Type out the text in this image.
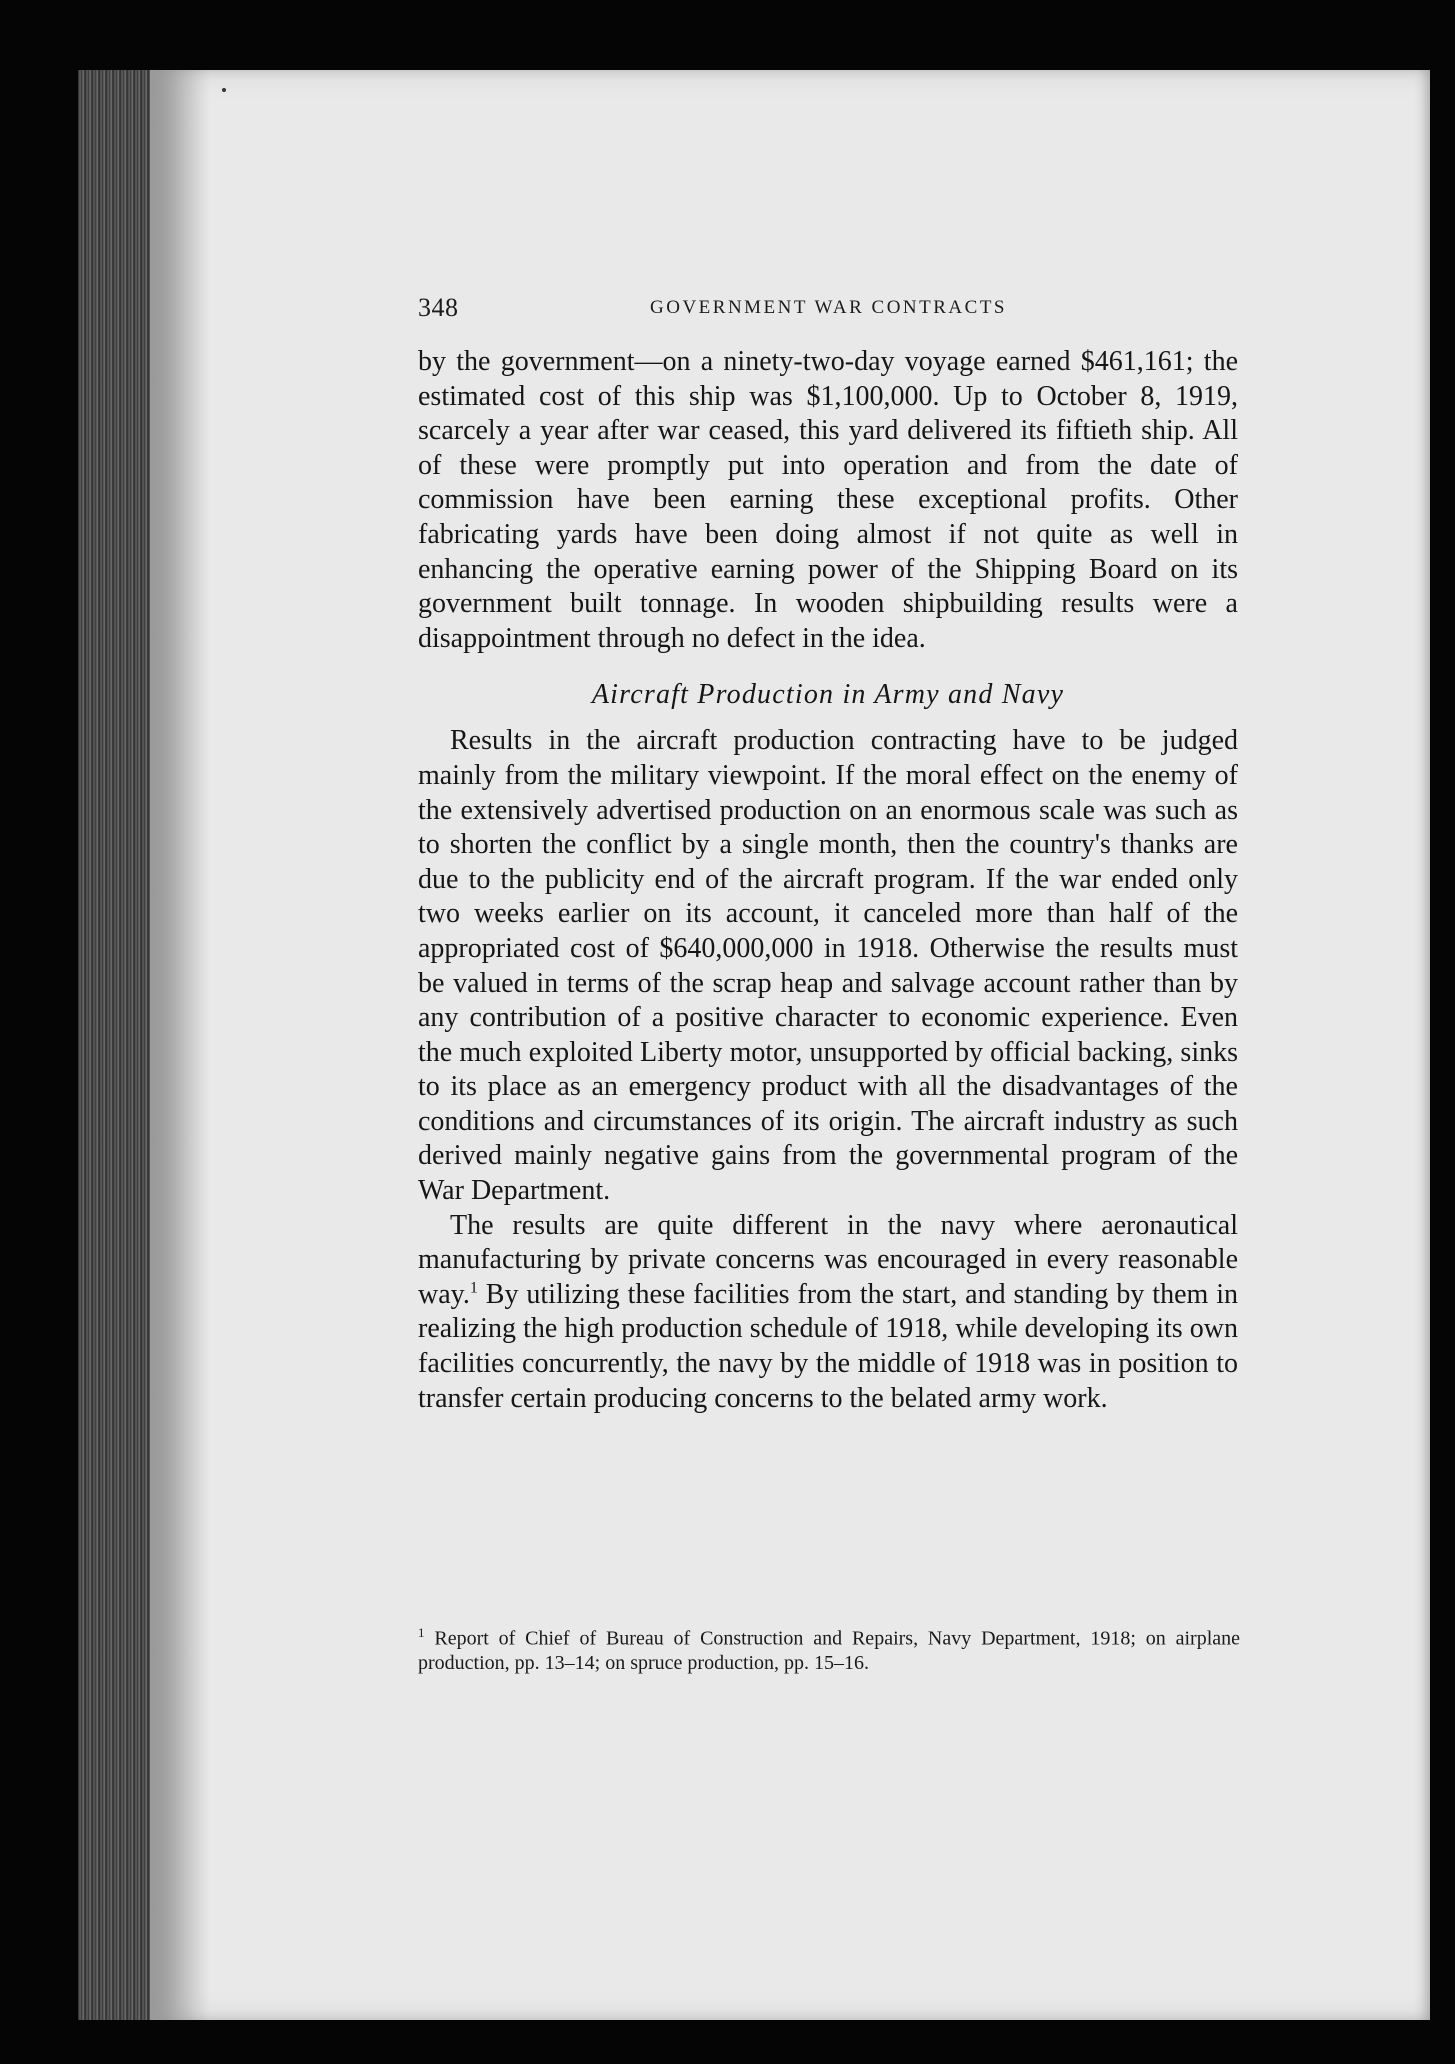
348	GOVERNMENT WAR CONTRACTS

by the government—on a ninety-two-day voyage earned $461,161; the estimated cost of this ship was $1,100,000. Up to October 8, 1919, scarcely a year after war ceased, this yard delivered its fiftieth ship. All of these were promptly put into operation and from the date of commission have been earning these exceptional profits. Other fabricating yards have been doing almost if not quite as well in enhancing the operative earning power of the Shipping Board on its government built tonnage. In wooden shipbuilding results were a disappointment through no defect in the idea.

Aircraft Production in Army and Navy

Results in the aircraft production contracting have to be judged mainly from the military viewpoint. If the moral effect on the enemy of the extensively advertised production on an enormous scale was such as to shorten the conflict by a single month, then the country's thanks are due to the publicity end of the aircraft program. If the war ended only two weeks earlier on its account, it canceled more than half of the appropriated cost of $640,000,000 in 1918. Otherwise the results must be valued in terms of the scrap heap and salvage account rather than by any contribution of a positive character to economic experience. Even the much exploited Liberty motor, unsupported by official backing, sinks to its place as an emergency product with all the disadvantages of the conditions and circumstances of its origin. The aircraft industry as such derived mainly negative gains from the governmental program of the War Department.

The results are quite different in the navy where aeronautical manufacturing by private concerns was encouraged in every reasonable way.$^1$ By utilizing these facilities from the start, and standing by them in realizing the high production schedule of 1918, while developing its own facilities concurrently, the navy by the middle of 1918 was in position to transfer certain producing concerns to the belated army work.

$^1$ Report of Chief of Bureau of Construction and Repairs, Navy Department, 1918; on airplane production, pp. 13–14; on spruce production, pp. 15–16.
